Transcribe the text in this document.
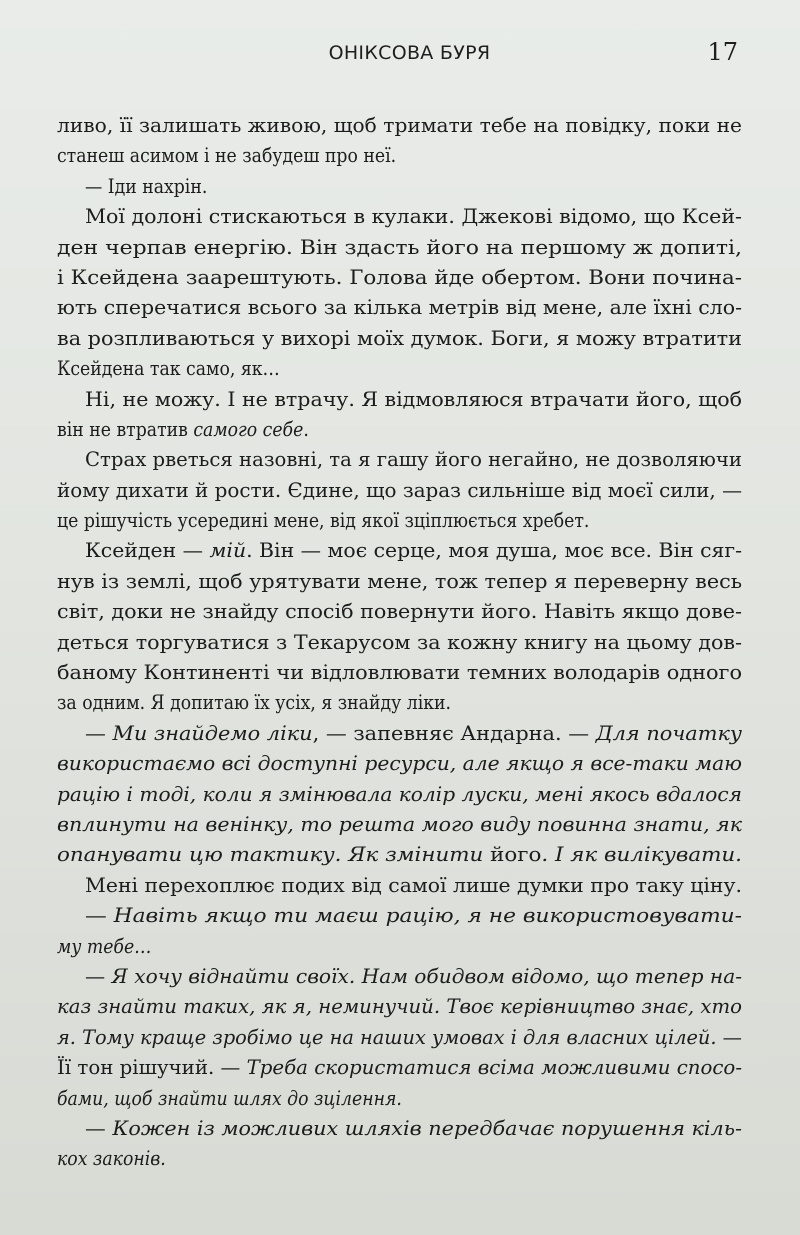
ОНІКСОВА БУРЯ	17
ливо, її залишать живою, щоб тримати тебе на повідку, поки не
станеш асимом і не забудеш про неї.
— Іди нахрін.
Мої долоні стискаються в кулаки. Джекові відомо, що Ксей-
ден черпав енергію. Він здасть його на першому ж допиті,
і Ксейдена заарештують. Голова йде обертом. Вони почина-
ють сперечатися всього за кілька метрів від мене, але їхні сло-
ва розпливаються у вихорі моїх думок. Боги, я можу втратити
Ксейдена так само, як…
Ні, не можу. І не втрачу. Я відмовляюся втрачати його, щоб
він не втратив самого себе.
Страх рветься назовні, та я гашу його негайно, не дозволяючи
йому дихати й рости. Єдине, що зараз сильніше від моєї сили, —
це рішучість усередині мене, від якої зціплюється хребет.
Ксейден — мій. Він — моє серце, моя душа, моє все. Він сяг-
нув із землі, щоб урятувати мене, тож тепер я переверну весь
світ, доки не знайду спосіб повернути його. Навіть якщо дове-
деться торгуватися з Текарусом за кожну книгу на цьому дов-
баному Континенті чи відловлювати темних володарів одного
за одним. Я допитаю їх усіх, я знайду ліки.
— Ми знайдемо ліки, — запевняє Андарна. — Для початку
використаємо всі доступні ресурси, але якщо я все-таки маю
рацію і тоді, коли я змінювала колір луски, мені якось вдалося
вплинути на венінку, то решта мого виду повинна знати, як
опанувати цю тактику. Як змінити його. І як вилікувати.
Мені перехоплює подих від самої лише думки про таку ціну.
— Навіть якщо ти маєш рацію, я не використовувати-
му тебе…
— Я хочу віднайти своїх. Нам обидвом відомо, що тепер на-
каз знайти таких, як я, неминучий. Твоє керівництво знає, хто
я. Тому краще зробімо це на наших умовах і для власних цілей. —
Її тон рішучий. — Треба скористатися всіма можливими спосо-
бами, щоб знайти шлях до зцілення.
— Кожен із можливих шляхів передбачає порушення кіль-
кох законів.
